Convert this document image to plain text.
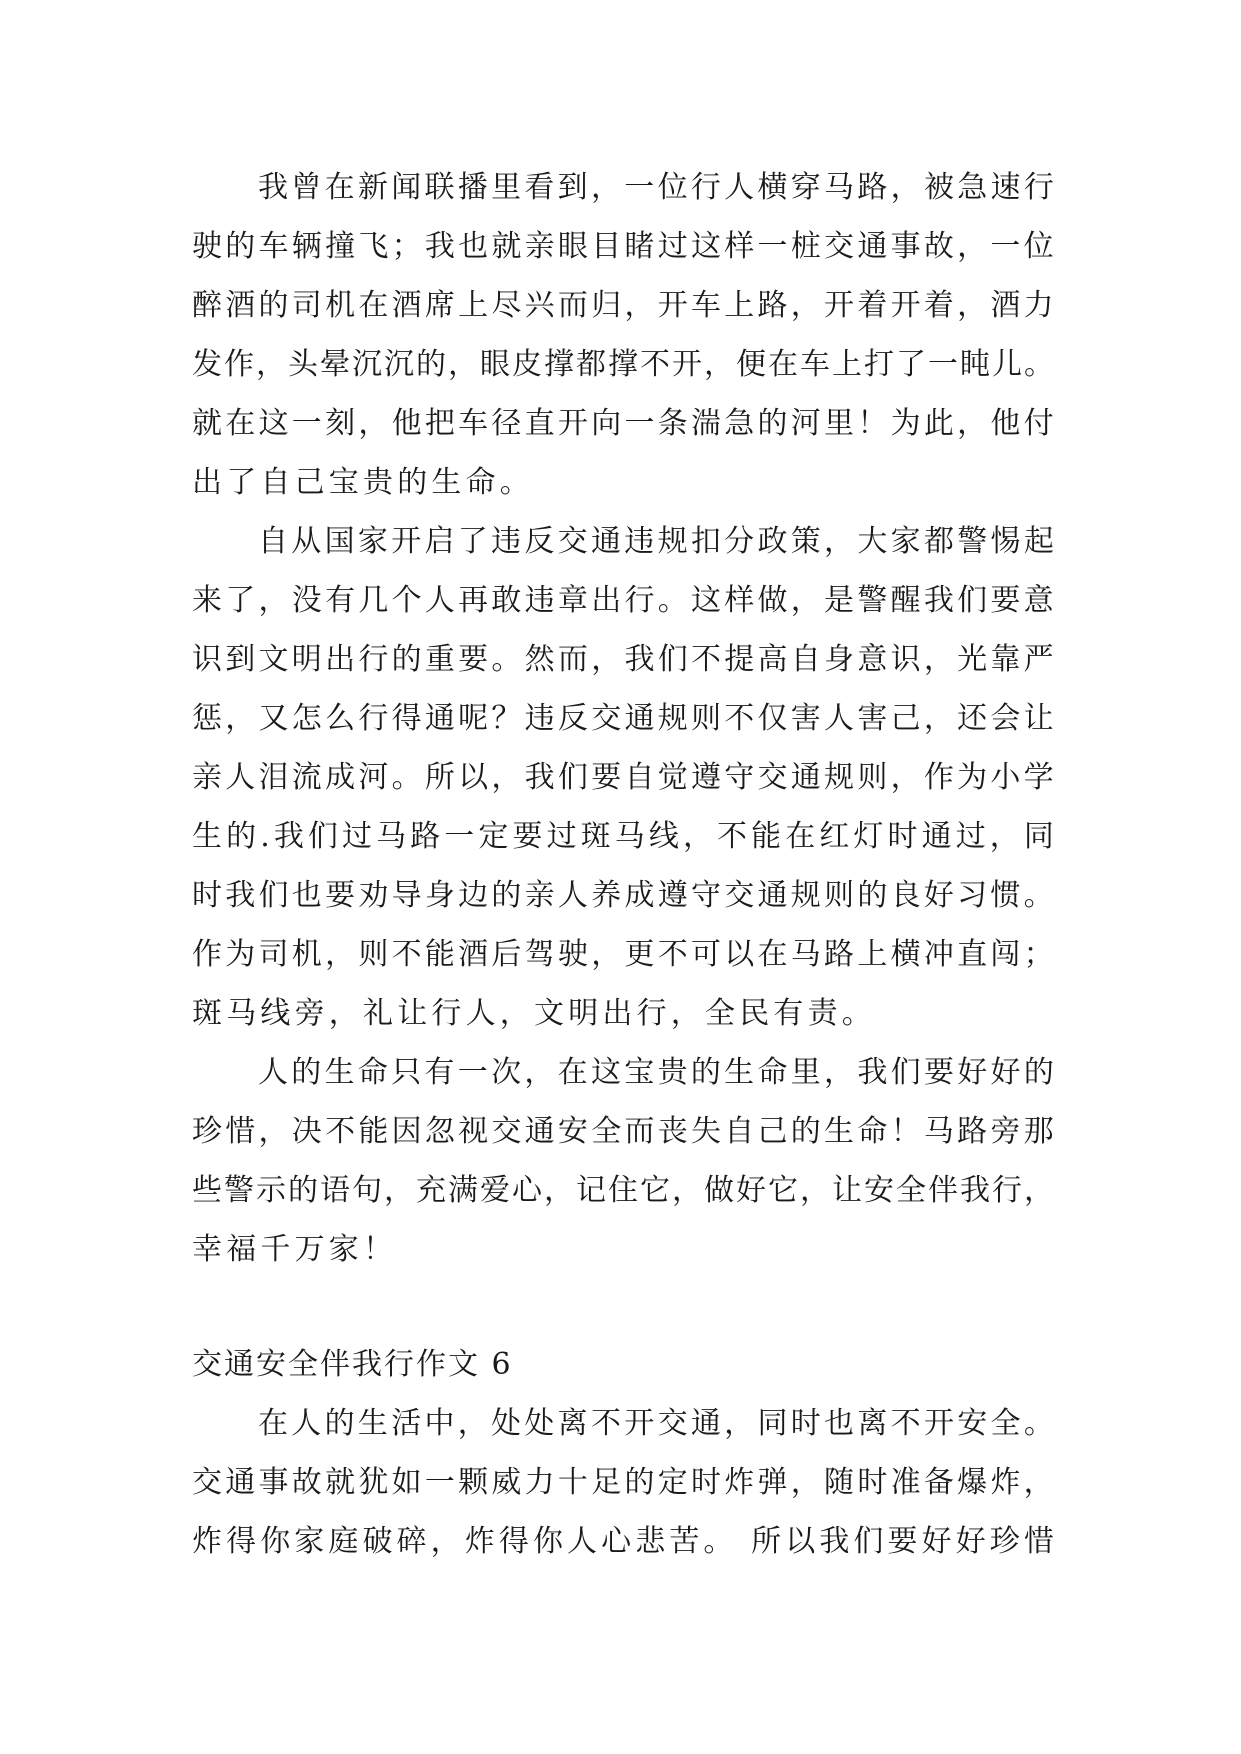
我 曾 在 新 闻 联 播 里 看 到 ， 一 位 行 人 横 穿 马 路 ， 被 急 速 行
驶 的 车 辆 撞 飞 ； 我 也 就 亲 眼 目 睹 过 这 样 一 桩 交 通 事 故 ， 一 位
醉 酒 的 司 机 在 酒 席 上 尽 兴 而 归 ， 开 车 上 路 ， 开 着 开 着 ， 酒 力
发 作 ， 头 晕 沉 沉 的 ， 眼 皮 撑 都 撑 不 开 ， 便 在 车 上 打 了 一 盹 儿 。
就 在 这 一 刻 ， 他 把 车 径 直 开 向 一 条 湍 急 的 河 里 ！ 为 此 ， 他 付
出了自己宝贵的生命。
自 从 国 家 开 启 了 违 反 交 通 违 规 扣 分 政 策 ， 大 家 都 警 惕 起
来 了 ， 没 有 几 个 人 再 敢 违 章 出 行 。 这 样 做 ， 是 警 醒 我 们 要 意
识 到 文 明 出 行 的 重 要 。 然 而 ， 我 们 不 提 高 自 身 意 识 ， 光 靠 严
惩 ， 又 怎 么 行 得 通 呢 ？ 违 反 交 通 规 则 不 仅 害 人 害 己 ， 还 会 让
亲 人 泪 流 成 河 。 所 以 ， 我 们 要 自 觉 遵 守 交 通 规 则 ， 作 为 小 学
生 的 . 我 们 过 马 路 一 定 要 过 斑 马 线 ， 不 能 在 红 灯 时 通 过 ， 同
时 我 们 也 要 劝 导 身 边 的 亲 人 养 成 遵 守 交 通 规 则 的 良 好 习 惯 。
作 为 司 机 ， 则 不 能 酒 后 驾 驶 ， 更 不 可 以 在 马 路 上 横 冲 直 闯 ；
斑马线旁，礼让行人，文明出行，全民有责。
人 的 生 命 只 有 一 次 ， 在 这 宝 贵 的 生 命 里 ， 我 们 要 好 好 的
珍 惜 ， 决 不 能 因 忽 视 交 通 安 全 而 丧 失 自 己 的 生 命 ！ 马 路 旁 那
些 警 示 的 语 句 ， 充 满 爱 心 ， 记 住 它 ， 做 好 它 ， 让 安 全 伴 我 行 ，
幸福千万家！
交通安全伴我行作文 6
在 人 的 生 活 中 ， 处 处 离 不 开 交 通 ， 同 时 也 离 不 开 安 全 。
交 通 事 故 就 犹 如 一 颗 威 力 十 足 的 定 时 炸 弹 ， 随 时 准 备 爆 炸 ，
炸 得 你 家 庭 破 碎 ， 炸 得 你 人 心 悲 苦 。
所 以 我 们 要 好 好 珍 惜
